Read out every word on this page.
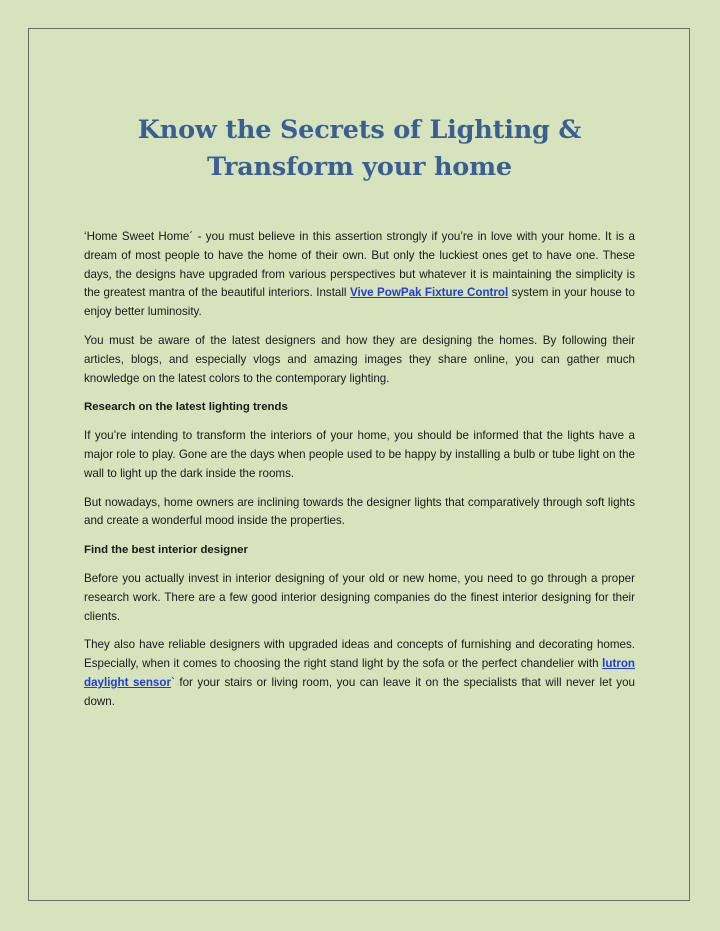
Know the Secrets of Lighting & Transform your home

‘Home Sweet Home´ - you must believe in this assertion strongly if you’re in love with your home. It is a dream of most people to have the home of their own. But only the luckiest ones get to have one. These days, the designs have upgraded from various perspectives but whatever it is maintaining the simplicity is the greatest mantra of the beautiful interiors. Install Vive PowPak Fixture Control system in your house to enjoy better luminosity.

You must be aware of the latest designers and how they are designing the homes. By following their articles, blogs, and especially vlogs and amazing images they share online, you can gather much knowledge on the latest colors to the contemporary lighting.

Research on the latest lighting trends

If you’re intending to transform the interiors of your home, you should be informed that the lights have a major role to play. Gone are the days when people used to be happy by installing a bulb or tube light on the wall to light up the dark inside the rooms.

But nowadays, home owners are inclining towards the designer lights that comparatively through soft lights and create a wonderful mood inside the properties.

Find the best interior designer

Before you actually invest in interior designing of your old or new home, you need to go through a proper research work. There are a few good interior designing companies do the finest interior designing for their clients.

They also have reliable designers with upgraded ideas and concepts of furnishing and decorating homes. Especially, when it comes to choosing the right stand light by the sofa or the perfect chandelier with lutron daylight sensor` for your stairs or living room, you can leave it on the specialists that will never let you down.
